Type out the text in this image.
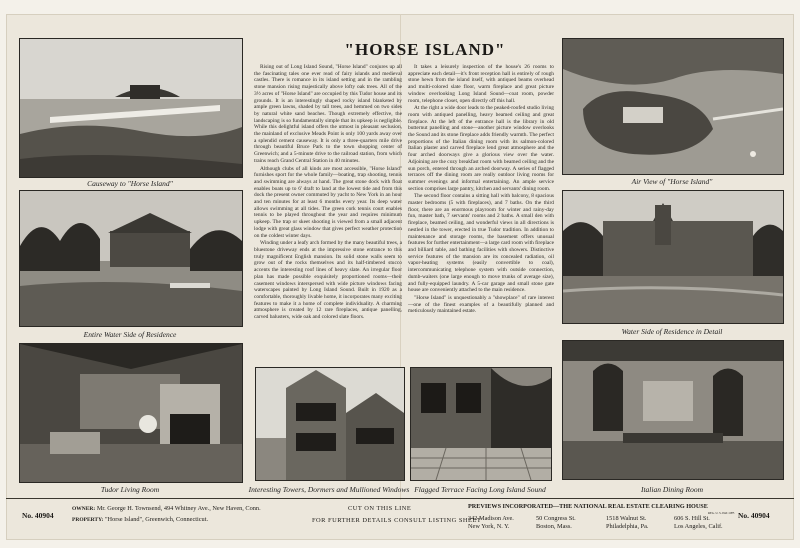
Causeway to "Horse Island"
Entire Water Side of Residence
Tudor Living Room	Interesting Towers, Dormers and Mullioned Windows Flagged Terrace Facing Long Island Sound
Air View of "Horse Island"
Water Side of Residence in Detail
Italian Dining Room
"HORSE ISLAND"

Rising out of Long Island Sound, "Horse Island" conjures up all the fascinating tales one ever read of fairy islands and medieval castles. There is romance in its island setting and in the rambling stone mansion rising majestically above lofty oak trees. All of the 3½ acres of "Horse Island" are occupied by this Tudor house and its grounds. It is an interestingly shaped rocky island blanketed by ample green lawns, shaded by tall trees, and hemmed on two sides by natural white sand beaches. Though extremely effective, the landscaping is so fundamentally simple that its upkeep is negligible. While this delightful island offers the utmost in pleasant seclusion, the mainland of exclusive Meads Point is only 100 yards away over a splendid cement causeway. It is only a three-quarters mile drive through beautiful Bruce Park to the town shopping center of Greenwich; and a 5-minute drive to the railroad station, from which trains reach Grand Central Station in 40 minutes.

Although clubs of all kinds are most accessible, "Horse Island" furnishes sport for the whole family—boating, trap shooting, tennis and swimming are always at hand. The great stone dock with float enables boats up to 6' draft to land at the lowest tide and from this dock the present owner commuted by yacht to New York in an hour and ten minutes for at least 6 months every year. Its deep water allows swimming at all tides. The green cork tennis court enables tennis to be played throughout the year and requires minimum upkeep. The trap or skeet shooting is viewed from a small adjacent lodge with great glass window that gives perfect weather protection on the coldest winter days.

Winding under a leafy arch formed by the many beautiful trees, a bluestone driveway ends at the impressive stone entrance to this truly magnificent English mansion. Its solid stone walls seem to grow out of the rocks themselves and its half-timbered stucco accents the interesting roof lines of heavy slate. An irregular floor plan has made possible exquisitely proportioned rooms—their casement windows interspersed with wide picture windows facing waterscapes painted by Long Island Sound. Built in 1920 as a comfortable, thoroughly livable home, it incorporates many exciting features to make it a home of complete individuality. A charming atmosphere is created by 12 rare fireplaces, antique panelling, carved balusters, wide oak and colored slate floors.

It takes a leisurely inspection of the house's 26 rooms to appreciate each detail—it's front reception hall is entirely of rough stone hewn from the island itself, with antiqued beams overhead and multi-colored slate floor, warm fireplace and great picture window overlooking Long Island Sound—coat room, powder room, telephone closet, open directly off this hall.

At the right a wide door leads to the peaked-roofed studio living room with antiqued panelling, heavy beamed ceiling and great fireplace. At the left of the entrance hall is the library in old butternut panelling and stone—another picture window overlooks the Sound and its stone fireplace adds friendly warmth. The perfect proportions of the Italian dining room with its salmon-colored Italian plaster and carved fireplace lend great atmosphere and the four arched doorways give a glorious view over the water. Adjoining are the cozy breakfast room with beamed ceiling and the sun porch, entered through an arched doorway. A series of flagged terraces off the dining room are really outdoor living rooms for summer evenings and informal entertaining. An ample service section comprises large pantry, kitchen and servants' dining room.

The second floor contains a sitting hall with balcony, 8 spacious master bedrooms (5 with fireplaces), and 7 baths. On the third floor, there are an enormous playroom for winter and rainy-day fun, master bath, 7 servants' rooms and 2 baths. A small den with fireplace, beamed ceiling, and wonderful views in all directions is nestled in the tower, erected in true Tudor tradition. In addition to maintenance and storage rooms, the basement offers unusual features for further entertainment—a large card room with fireplace and billiard table, and bathing facilities with showers. Distinctive service features of the mansion are its concealed radiation, oil vapor-heating systems (easily convertible to coal), intercommunicating telephone system with outside connection, dumb-waiters (one large enough to move trunks of average size), and fully-equipped laundry. A 5-car garage and small stone gate house are conveniently attached to the main residence.

"Horse Island" is unquestionably a "showplace" of rare interest—one of the finest examples of a beautifully planned and meticulously maintained estate.

No. 40904
OWNER: Mr. George H. Townsend, 494 Whitney Ave., New Haven, Conn.
PROPERTY: "Horse Island", Greenwich, Connecticut.
CUT ON THIS LINE
FOR FURTHER DETAILS CONSULT LISTING SHEET
PREVIEWS INCORPORATED—THE NATIONAL REAL ESTATE CLEARING HOUSE
REG. U. S. PAT. OFF.
342 Madison Ave.
New York, N. Y.
50 Congress St.
Boston, Mass.
1518 Walnut St.
Philadelphia, Pa.
606 S. Hill St.
Los Angeles, Calif.
No. 40904
